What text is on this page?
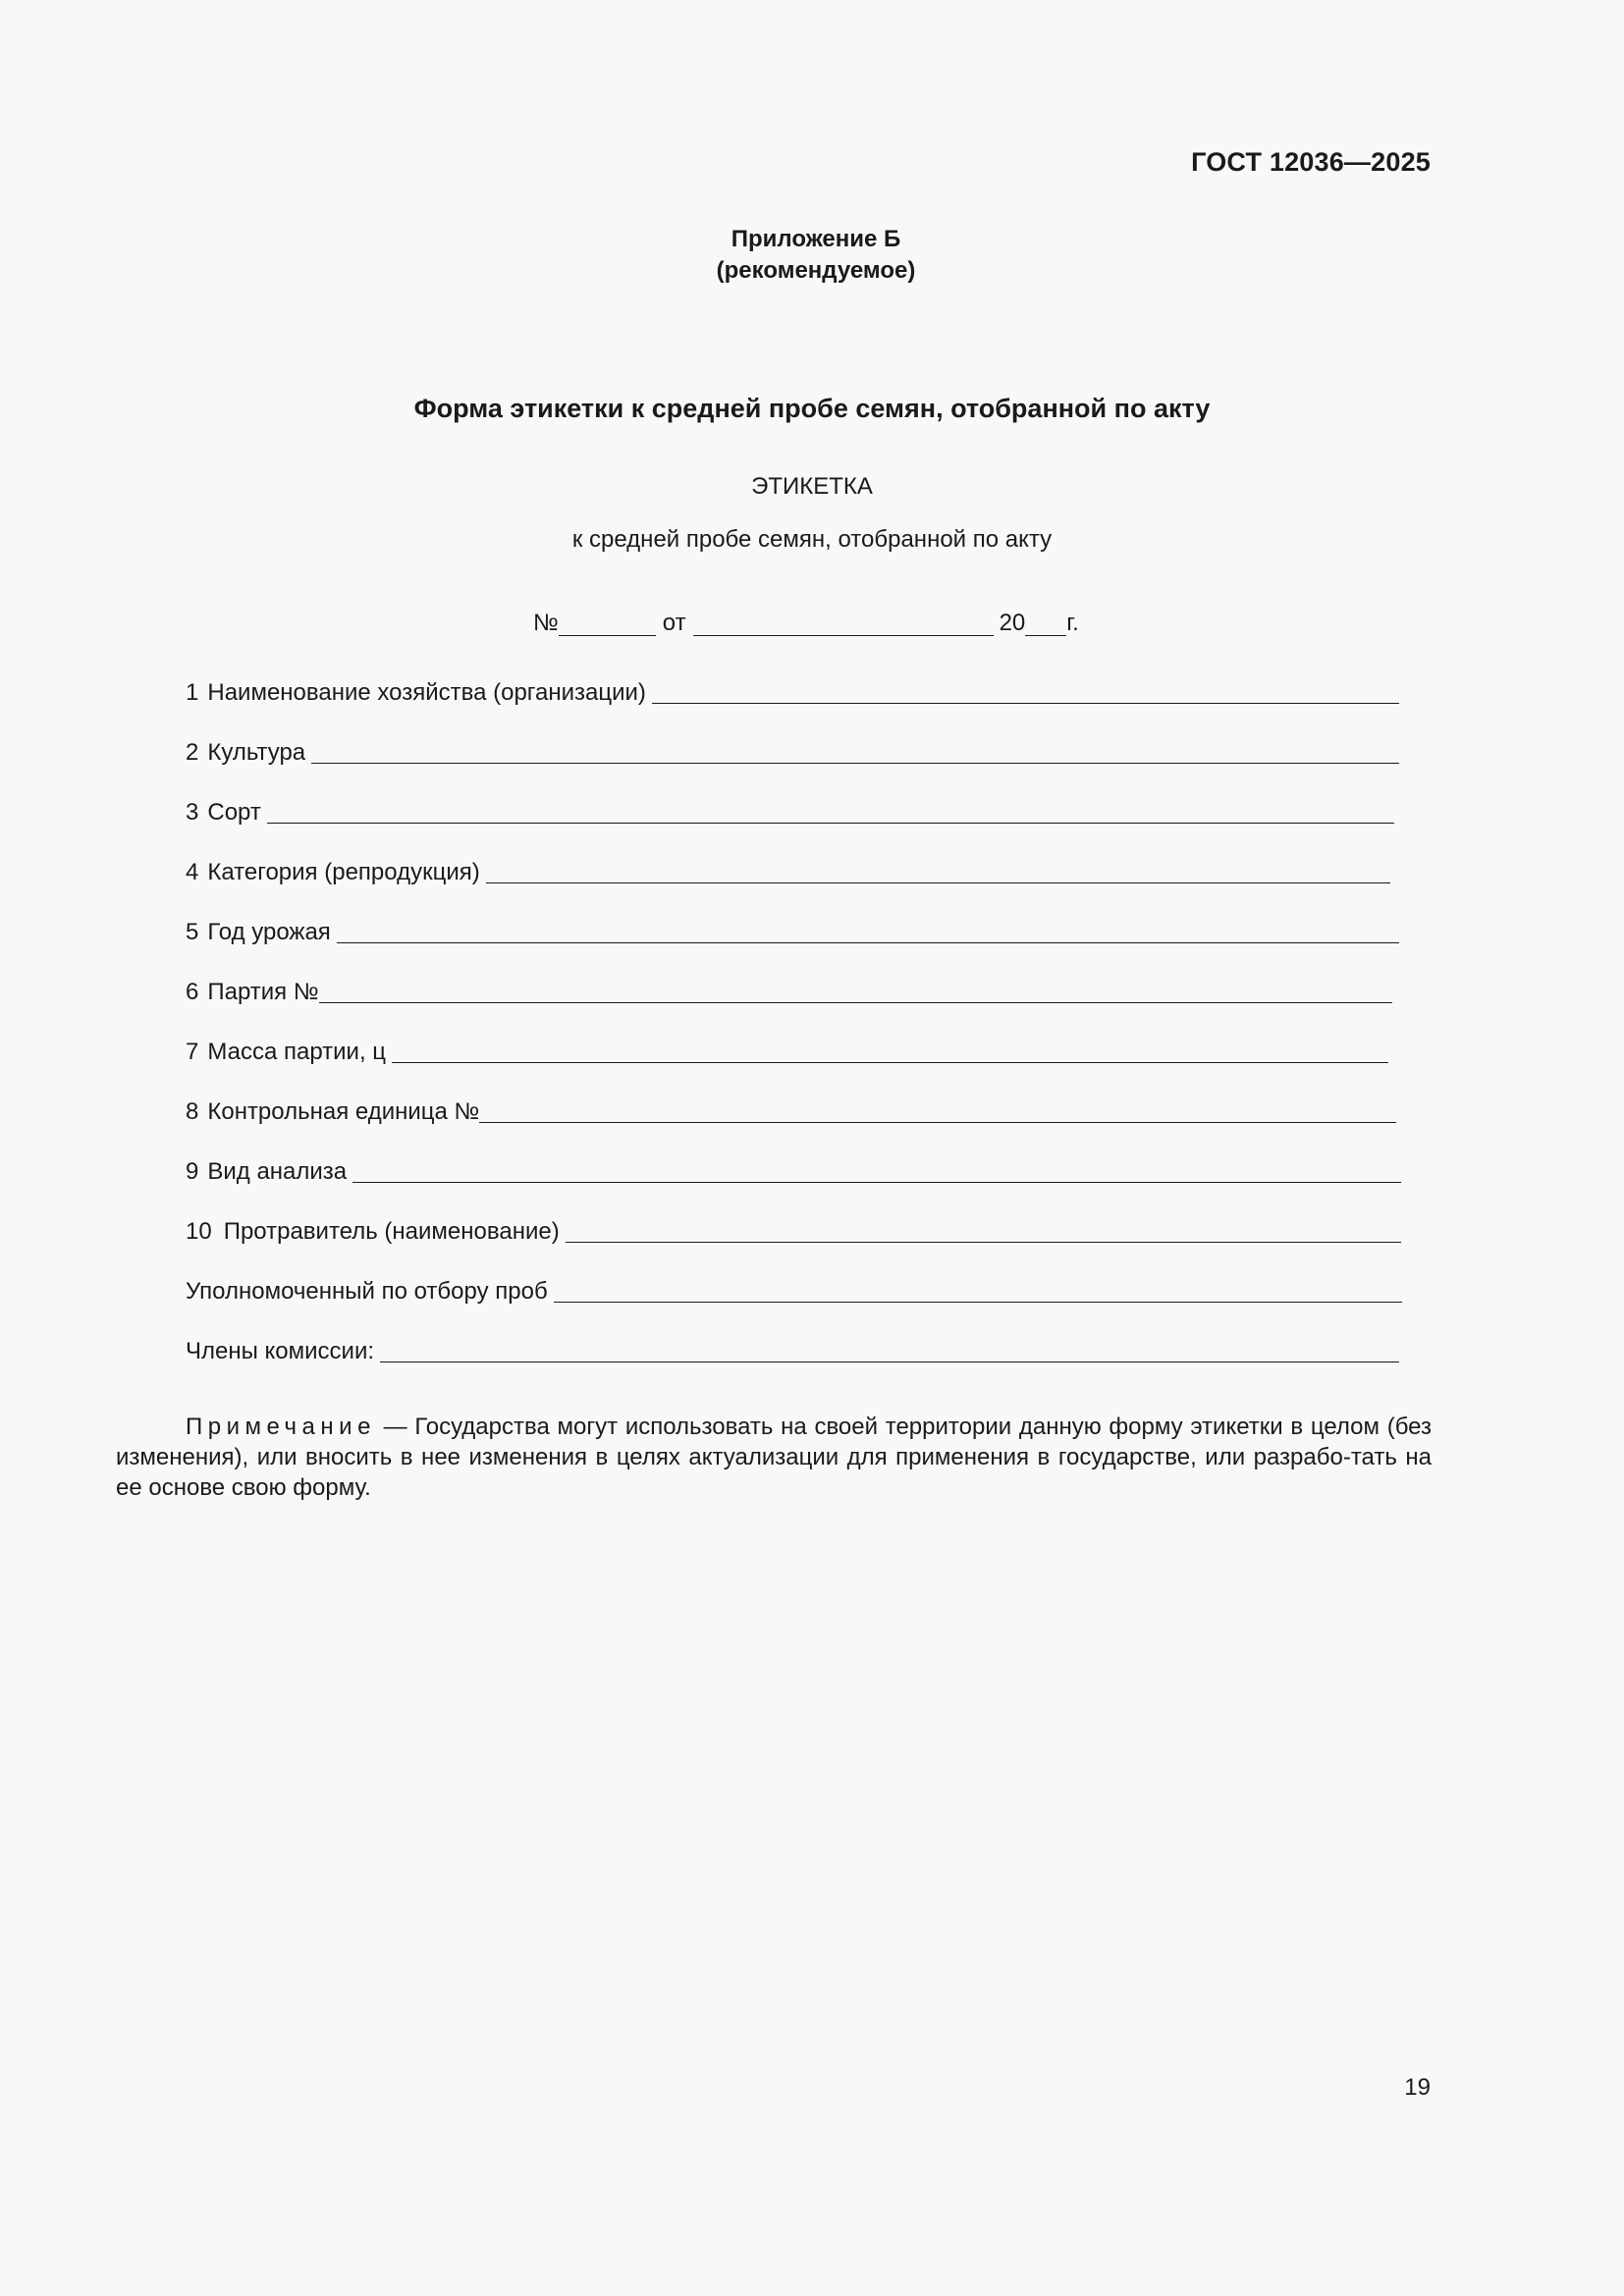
ГОСТ 12036—2025
Приложение Б
(рекомендуемое)
Форма этикетки к средней пробе семян, отобранной по акту
ЭТИКЕТКА
к средней пробе семян, отобранной по акту
№	от	20 г.
1 Наименование хозяйства (организации)
2 Культура
3 Сорт
4 Категория (репродукция)
5 Год урожая
6 Партия №
7 Масса партии, ц
8 Контрольная единица №
9 Вид анализа
10 Протравитель (наименование)
Уполномоченный по отбору проб
Члены комиссии:
Примечание — Государства могут использовать на своей территории данную форму этикетки в целом (без изменения), или вносить в нее изменения в целях актуализации для применения в государстве, или разрабо-тать на ее основе свою форму.
19
